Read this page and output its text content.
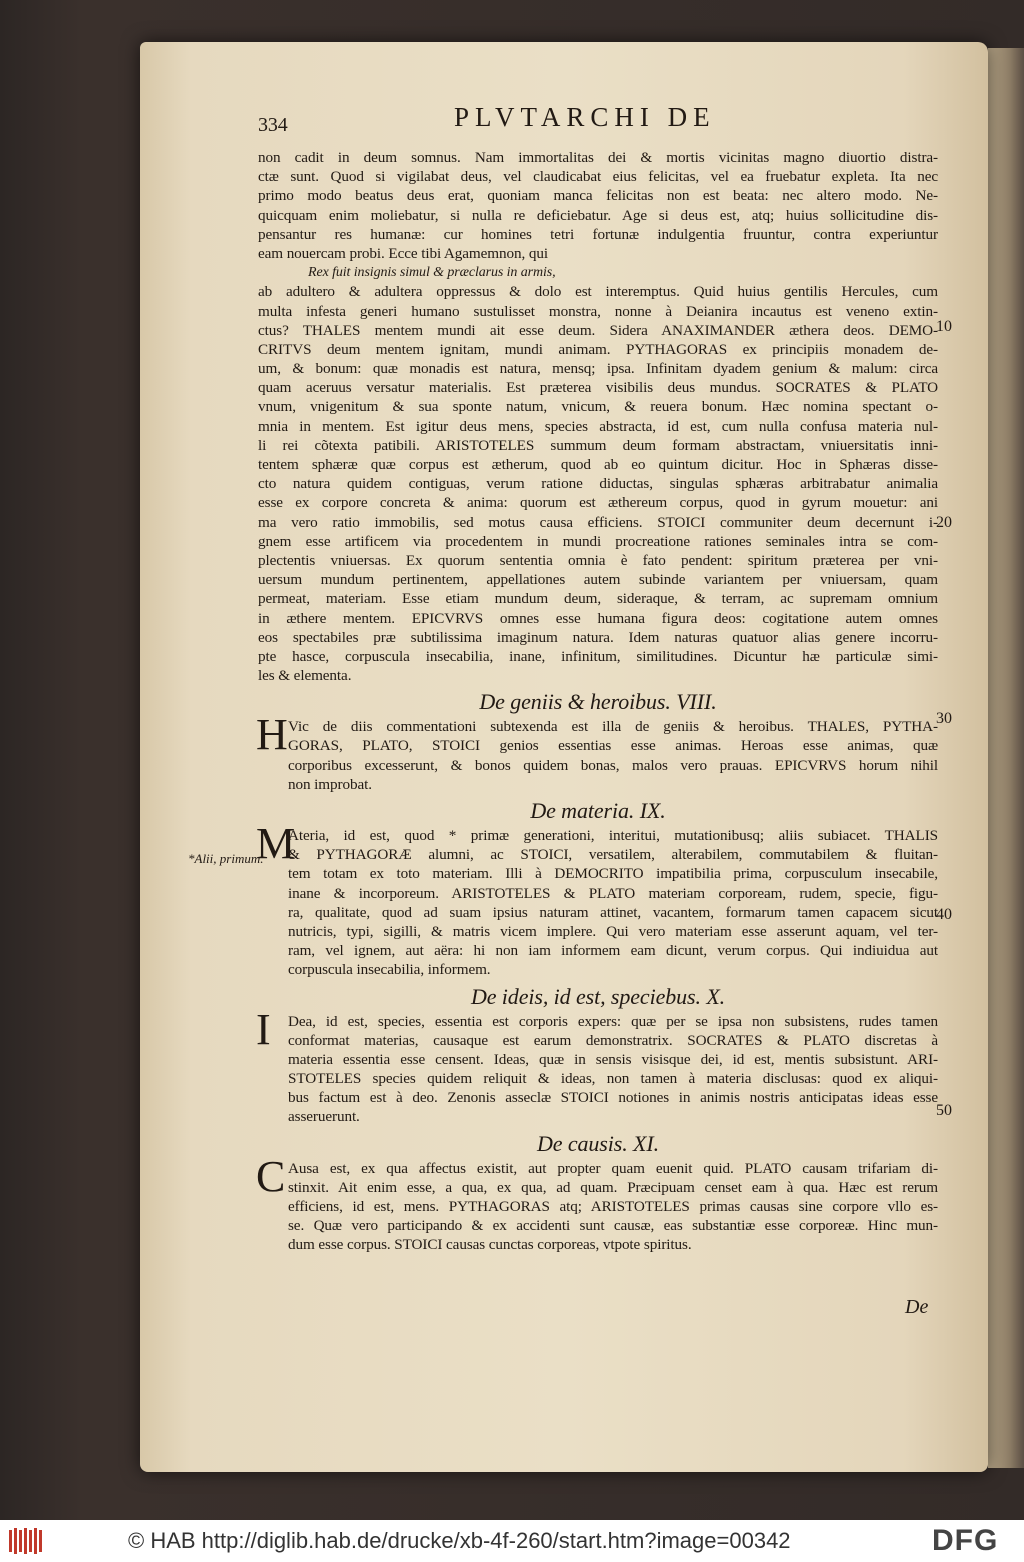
334	PLVTARCHI DE
non cadit in deum somnus. Nam immortalitas dei & mortis vicinitas magno diuortio distra-
ctæ sunt. Quod si vigilabat deus, vel claudicabat eius felicitas, vel ea fruebatur expleta. Ita nec
primo modo beatus deus erat, quoniam manca felicitas non est beata: nec altero modo. Ne-
quicquam enim moliebatur, si nulla re deficiebatur. Age si deus est, atq; huius sollicitudine dis-
pensantur res humanæ: cur homines tetri fortunæ indulgentia fruuntur, contra experiuntur
eam nouercam probi. Ecce tibi Agamemnon, qui
Rex fuit insignis simul & præclarus in armis,
ab adultero & adultera oppressus & dolo est interemptus. Quid huius gentilis Hercules, cum
multa infesta generi humano sustulisset monstra, nonne à Deianira incautus est veneno extin-
ctus? THALES mentem mundi ait esse deum. Sidera ANAXIMANDER æthera deos. DEMO-
CRITVS deum mentem ignitam, mundi animam. PYTHAGORAS ex principiis monadem de-
um, & bonum: quæ monadis est natura, mensq; ipsa. Infinitam dyadem genium & malum: circa
quam aceruus versatur materialis. Est præterea visibilis deus mundus. SOCRATES & PLATO
vnum, vnigenitum & sua sponte natum, vnicum, & reuera bonum. Hæc nomina spectant o-
mnia in mentem. Est igitur deus mens, species abstracta, id est, cum nulla confusa materia nul-
li rei cõtexta patibili. ARISTOTELES summum deum formam abstractam, vniuersitatis inni-
tentem sphæræ quæ corpus est ætherum, quod ab eo quintum dicitur. Hoc in Sphæras disse-
cto natura quidem contiguas, verum ratione diductas, singulas sphæras arbitrabatur animalia
esse ex corpore concreta & anima: quorum est æthereum corpus, quod in gyrum mouetur: ani
ma vero ratio immobilis, sed motus causa efficiens. STOICI communiter deum decernunt i-
gnem esse artificem via procedentem in mundi procreatione rationes seminales intra se com-
plectentis vniuersas. Ex quorum sententia omnia è fato pendent: spiritum præterea per vni-
uersum mundum pertinentem, appellationes autem subinde variantem per vniuersam, quam
permeat, materiam. Esse etiam mundum deum, sideraque, & terram, ac supremam omnium
in æthere mentem. EPICVRVS omnes esse humana figura deos: cogitatione autem omnes
eos spectabiles præ subtilissima imaginum natura. Idem naturas quatuor alias genere incorru-
pte hasce, corpuscula insecabilia, inane, infinitum, similitudines. Dicuntur hæ particulæ simi-
les & elementa.
De geniis & heroibus. VIII.
H Vic de diis commentationi subtexenda est illa de geniis & heroibus. THALES, PYTHA-
GORAS, PLATO, STOICI genios essentias esse animas. Heroas esse animas, quæ
corporibus excesserunt, & bonos quidem bonas, malos vero prauas. EPICVRVS horum nihil
non improbat.
De materia. IX.
M
Ateria, id est, quod * primæ generationi, interitui, mutationibusq; aliis subiacet. THALIS
& PYTHAGORÆ alumni, ac STOICI, versatilem, alterabilem, commutabilem & fluitan-
tem totam ex toto materiam. Illi à DEMOCRITO impatibilia prima, corpusculum insecabile,
inane & incorporeum. ARISTOTELES & PLATO materiam corpoream, rudem, specie, figu-
ra, qualitate, quod ad suam ipsius naturam attinet, vacantem, formarum tamen capacem sicut
nutricis, typi, sigilli, & matris vicem implere. Qui vero materiam esse asserunt aquam, vel ter-
ram, vel ignem, aut aëra: hi non iam informem eam dicunt, verum corpus. Qui indiuidua aut
corpuscula insecabilia, informem.
De ideis, id est, speciebus. X.
I Dea, id est, species, essentia est corporis expers: quæ per se ipsa non subsistens, rudes tamen
conformat materias, causaque est earum demonstratrix. SOCRATES & PLATO discretas à
materia essentia esse censent. Ideas, quæ in sensis visisque dei, id est, mentis subsistunt. ARI-
STOTELES species quidem reliquit & ideas, non tamen à materia disclusas: quod ex aliqui-
bus factum est à deo. Zenonis asseclæ STOICI notiones in animis nostris anticipatas ideas esse
asseruerunt.
De causis. XI.
C Ausa est, ex qua affectus existit, aut propter quam euenit quid. PLATO causam trifariam di-
stinxit. Ait enim esse, a qua, ex qua, ad quam. Præcipuam censet eam à qua. Hæc est rerum
efficiens, id est, mens. PYTHAGORAS atq; ARISTOTELES primas causas sine corpore vllo es-
se. Quæ vero participando & ex accidenti sunt causæ, eas substantiæ esse corporeæ. Hinc mun-
dum esse corpus. STOICI causas cunctas corporeas, vtpote spiritus.
*Alii, primum.
10
20
30
40
50
De
© HAB http://diglib.hab.de/drucke/xb-4f-260/start.htm?image=00342	DFG
